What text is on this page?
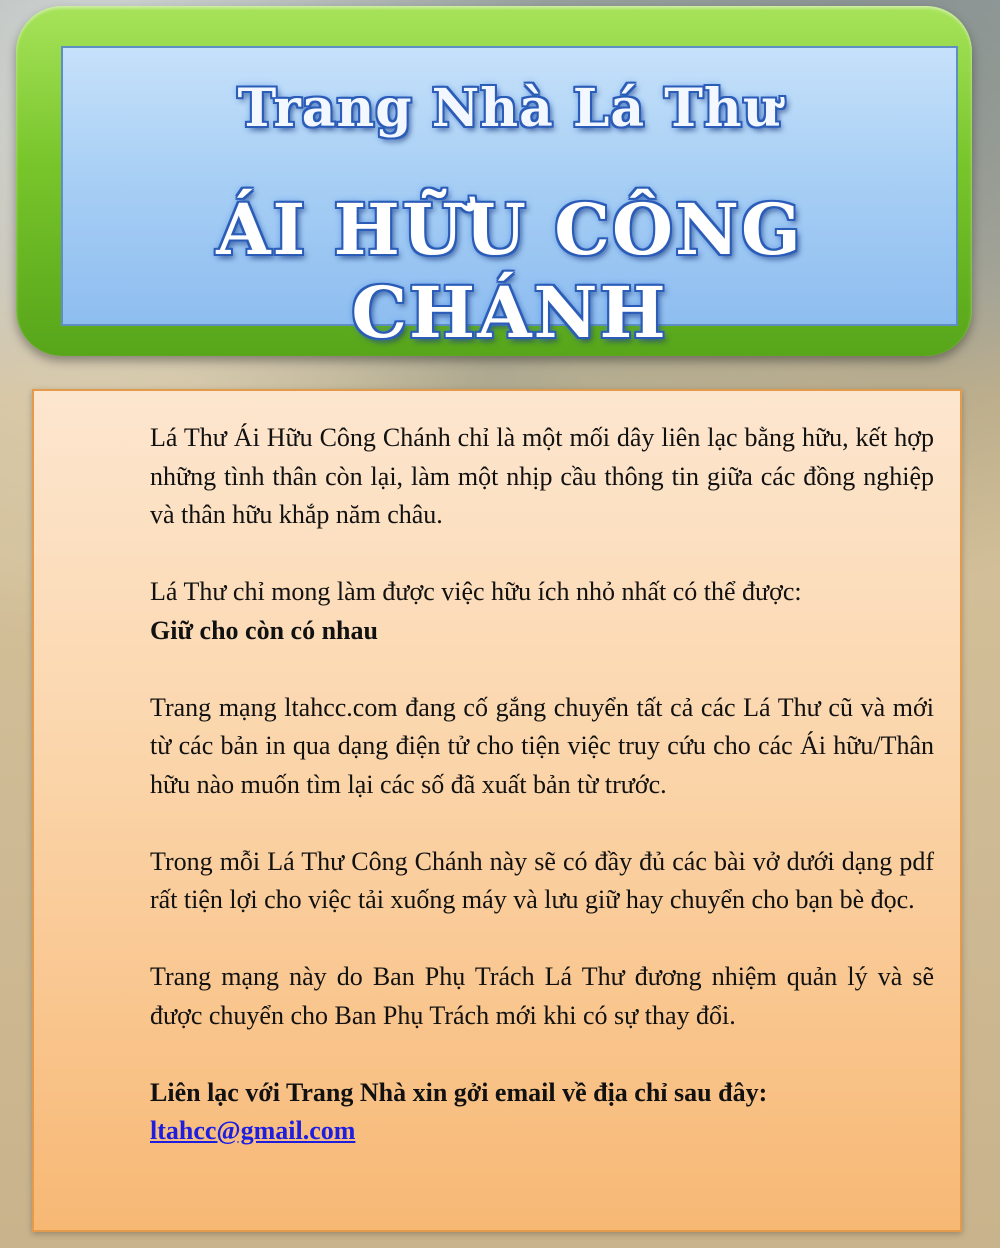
Trang Nhà Lá Thư
ÁI HỮU CÔNG CHÁNH

Lá Thư Ái Hữu Công Chánh chỉ là một mối dây liên lạc bằng hữu, kết hợp những tình thân còn lại, làm một nhịp cầu thông tin giữa các đồng nghiệp và thân hữu khắp năm châu.

Lá Thư chỉ mong làm được việc hữu ích nhỏ nhất có thể được:
Giữ cho còn có nhau

Trang mạng ltahcc.com đang cố gắng chuyển tất cả các Lá Thư cũ và mới từ các bản in qua dạng điện tử cho tiện việc truy cứu cho các Ái hữu/Thân hữu nào muốn tìm lại các số đã xuất bản từ trước.

Trong mỗi Lá Thư Công Chánh này sẽ có đầy đủ các bài vở dưới dạng pdf rất tiện lợi cho việc tải xuống máy và lưu giữ hay chuyển cho bạn bè đọc.

Trang mạng này do Ban Phụ Trách Lá Thư đương nhiệm quản lý và sẽ được chuyển cho Ban Phụ Trách mới khi có sự thay đổi.

Liên lạc với Trang Nhà xin gởi email về địa chỉ sau đây:
ltahcc@gmail.com
